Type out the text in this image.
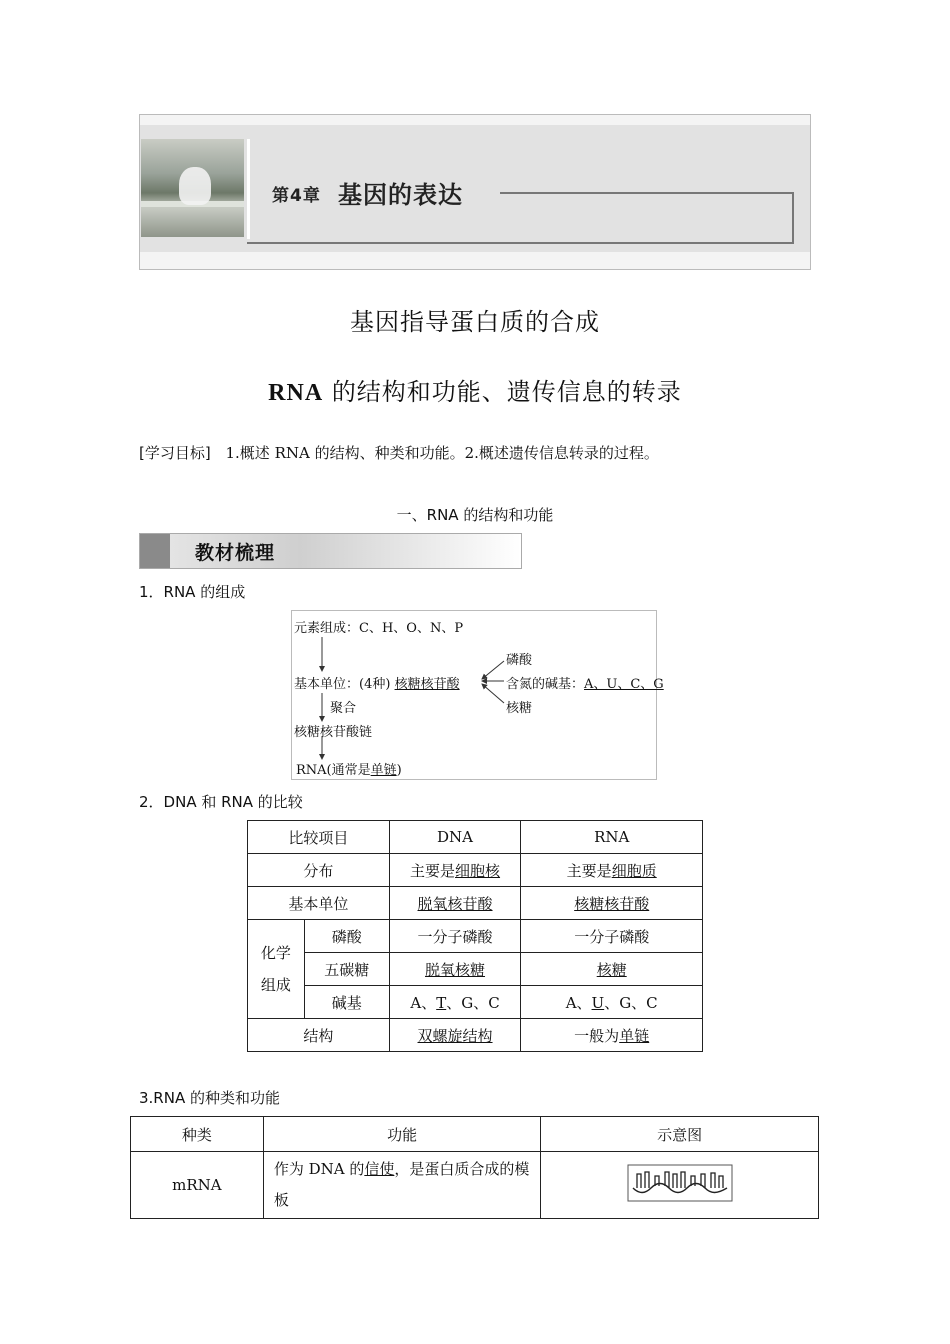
第4章 基因的表达
基因指导蛋白质的合成
RNA 的结构和功能、遗传信息的转录
[学习目标] 1.概述 RNA 的结构、种类和功能。2.概述遗传信息转录的过程。
一、RNA 的结构和功能
教材梳理
1．RNA 的组成
元素组成：C、H、O、N、P
基本单位：(4种) 核糖核苷酸
磷酸
含氮的碱基：A、U、C、G
核糖
聚合
核糖核苷酸链
RNA(通常是单链)
2．DNA 和 RNA 的比较
比较项目		DNA	RNA
分布		主要是细胞核	主要是细胞质
基本单位		脱氧核苷酸	核糖核苷酸
化学
组成	磷酸	一分子磷酸	一分子磷酸
	五碳糖	脱氧核糖	核糖
	碱基	A、T、G、C	A、U、G、C
结构		双螺旋结构	一般为单链
3.RNA 的种类和功能
种类	功能	示意图
mRNA	作为 DNA 的信使，是蛋白质合成的模板	
